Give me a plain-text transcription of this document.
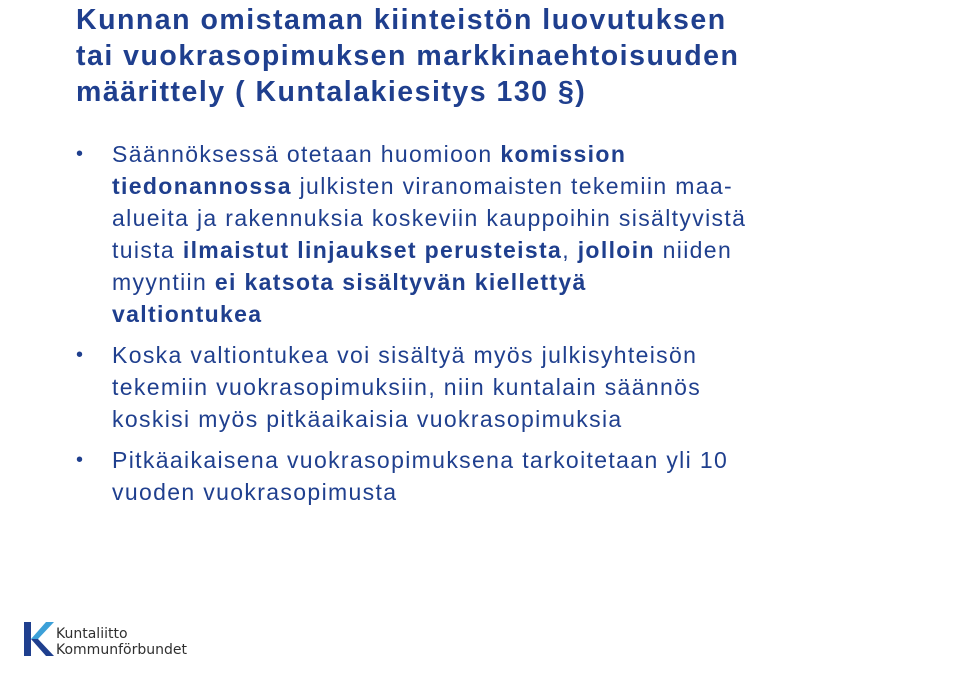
Kunnan omistaman kiinteistön luovutuksen
tai vuokrasopimuksen markkinaehtoisuuden
määrittely ( Kuntalakiesitys 130 §)
• Säännöksessä otetaan huomioon komission
tiedonannossa julkisten viranomaisten tekemiin maa-
alueita ja rakennuksia koskeviin kauppoihin sisältyvistä
tuista ilmaistut linjaukset perusteista, jolloin niiden
myyntiin ei katsota sisältyvän kiellettyä
valtiontukea
• Koska valtiontukea voi sisältyä myös julkisyhteisön
tekemiin vuokrasopimuksiin, niin kuntalain säännös
koskisi myös pitkäaikaisia vuokrasopimuksia
• Pitkäaikaisena vuokrasopimuksena tarkoitetaan yli 10
vuoden vuokrasopimusta
Kuntaliitto
Kommunförbundet
